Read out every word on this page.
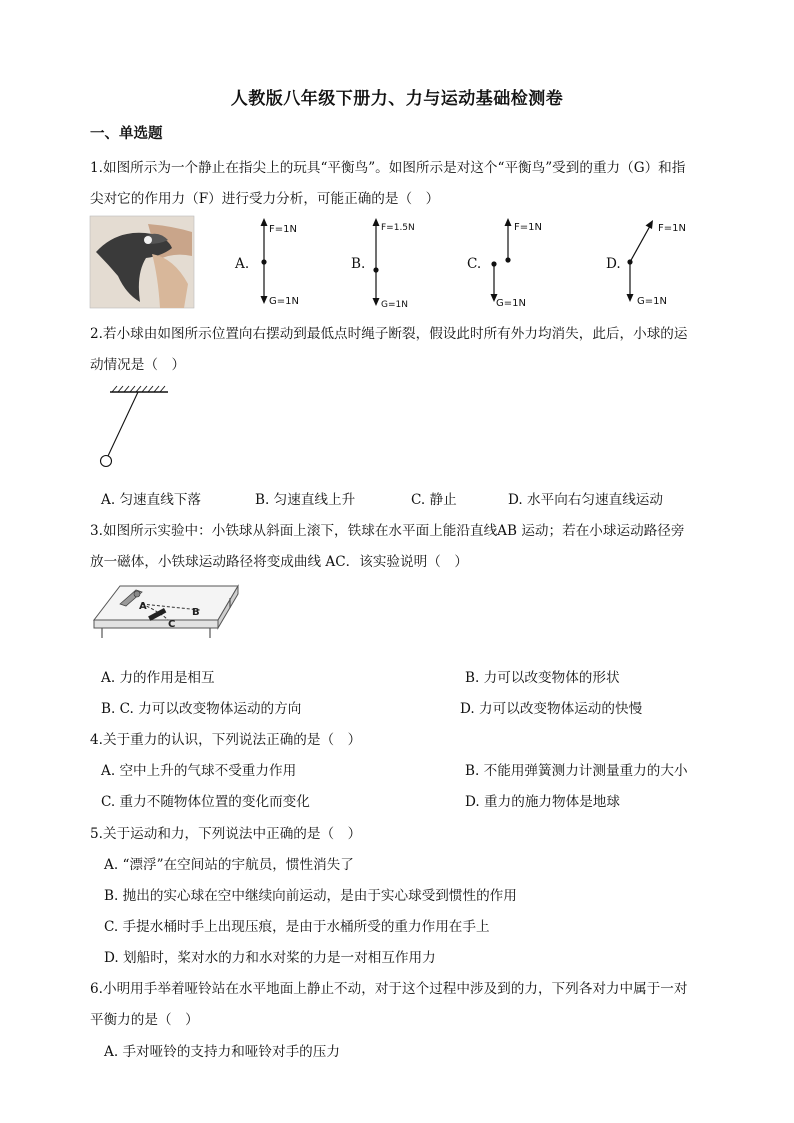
人教版八年级下册力、力与运动基础检测卷
一、单选题
1.如图所示为一个静止在指尖上的玩具“平衡鸟”。如图所示是对这个“平衡鸟”受到的重力（G）和指
尖对它的作用力（F）进行受力分析，可能正确的是（　）
A.
F=1N
G=1N
B.
F=1.5N
G=1N
C.
F=1N
G=1N
D.
F=1N
G=1N
2.若小球由如图所示位置向右摆动到最低点时绳子断裂，假设此时所有外力均消失，此后，小球的运
动情况是（　）
A. 匀速直线下落	B. 匀速直线上升	C. 静止	D. 水平向右匀速直线运动
3.如图所示实验中：小铁球从斜面上滚下，铁球在水平面上能沿直线AB 运动；若在小球运动路径旁
放一磁体，小铁球运动路径将变成曲线 AC．该实验说明（　）
A
B
C
A. 力的作用是相互	B. 力可以改变物体的形状
B. C. 力可以改变物体运动的方向	D. 力可以改变物体运动的快慢
4.关于重力的认识，下列说法正确的是（　）
A. 空中上升的气球不受重力作用	B. 不能用弹簧测力计测量重力的大小
C. 重力不随物体位置的变化而变化	D. 重力的施力物体是地球
5.关于运动和力，下列说法中正确的是（　）
A. “漂浮”在空间站的宇航员，惯性消失了
B. 抛出的实心球在空中继续向前运动，是由于实心球受到惯性的作用
C. 手提水桶时手上出现压痕，是由于水桶所受的重力作用在手上
D. 划船时，桨对水的力和水对桨的力是一对相互作用力
6.小明用手举着哑铃站在水平地面上静止不动，对于这个过程中涉及到的力，下列各对力中属于一对
平衡力的是（　）
A. 手对哑铃的支持力和哑铃对手的压力
